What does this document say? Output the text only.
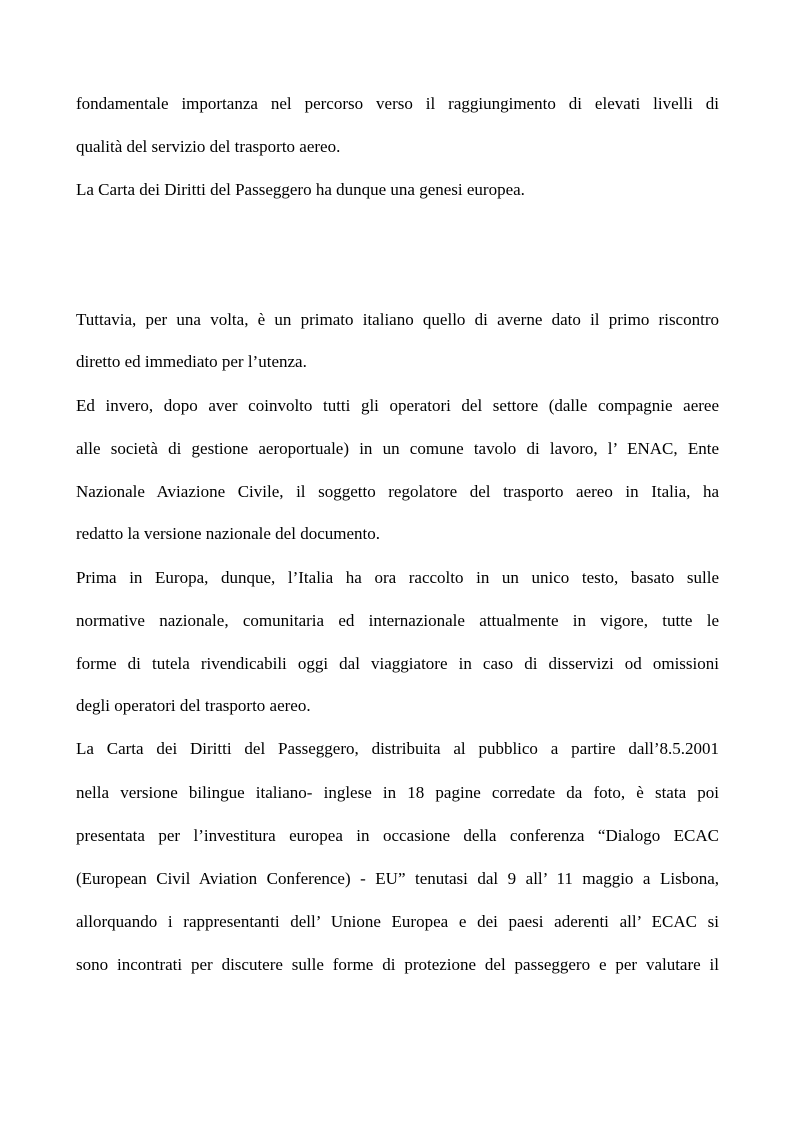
fondamentale importanza nel percorso verso il raggiungimento di elevati livelli di

qualità del servizio del trasporto aereo.

La Carta dei Diritti del Passeggero ha dunque una genesi europea.

Tuttavia, per una volta, è un primato italiano quello di averne dato il primo riscontro

diretto ed immediato per l’utenza.

Ed invero, dopo aver coinvolto tutti gli operatori del settore (dalle compagnie aeree

alle società di gestione aeroportuale) in un comune tavolo di lavoro, l’ ENAC, Ente

Nazionale Aviazione Civile, il soggetto regolatore del trasporto aereo in Italia, ha

redatto la versione nazionale del documento.

Prima in Europa, dunque, l’Italia ha ora raccolto in un unico testo, basato sulle

normative nazionale, comunitaria ed internazionale attualmente in vigore, tutte le

forme di tutela rivendicabili oggi dal viaggiatore in caso di disservizi od omissioni

degli operatori del trasporto aereo.

La Carta dei Diritti del Passeggero, distribuita al pubblico a partire dall’8.5.2001

nella versione bilingue italiano- inglese in 18 pagine corredate da foto, è stata poi

presentata per l’investitura europea in occasione della conferenza “Dialogo ECAC

(European Civil Aviation Conference) - EU” tenutasi dal 9 all’ 11 maggio a Lisbona,

allorquando i rappresentanti dell’ Unione Europea e dei paesi aderenti all’ ECAC si

sono incontrati per discutere sulle forme di protezione del passeggero e per valutare il
